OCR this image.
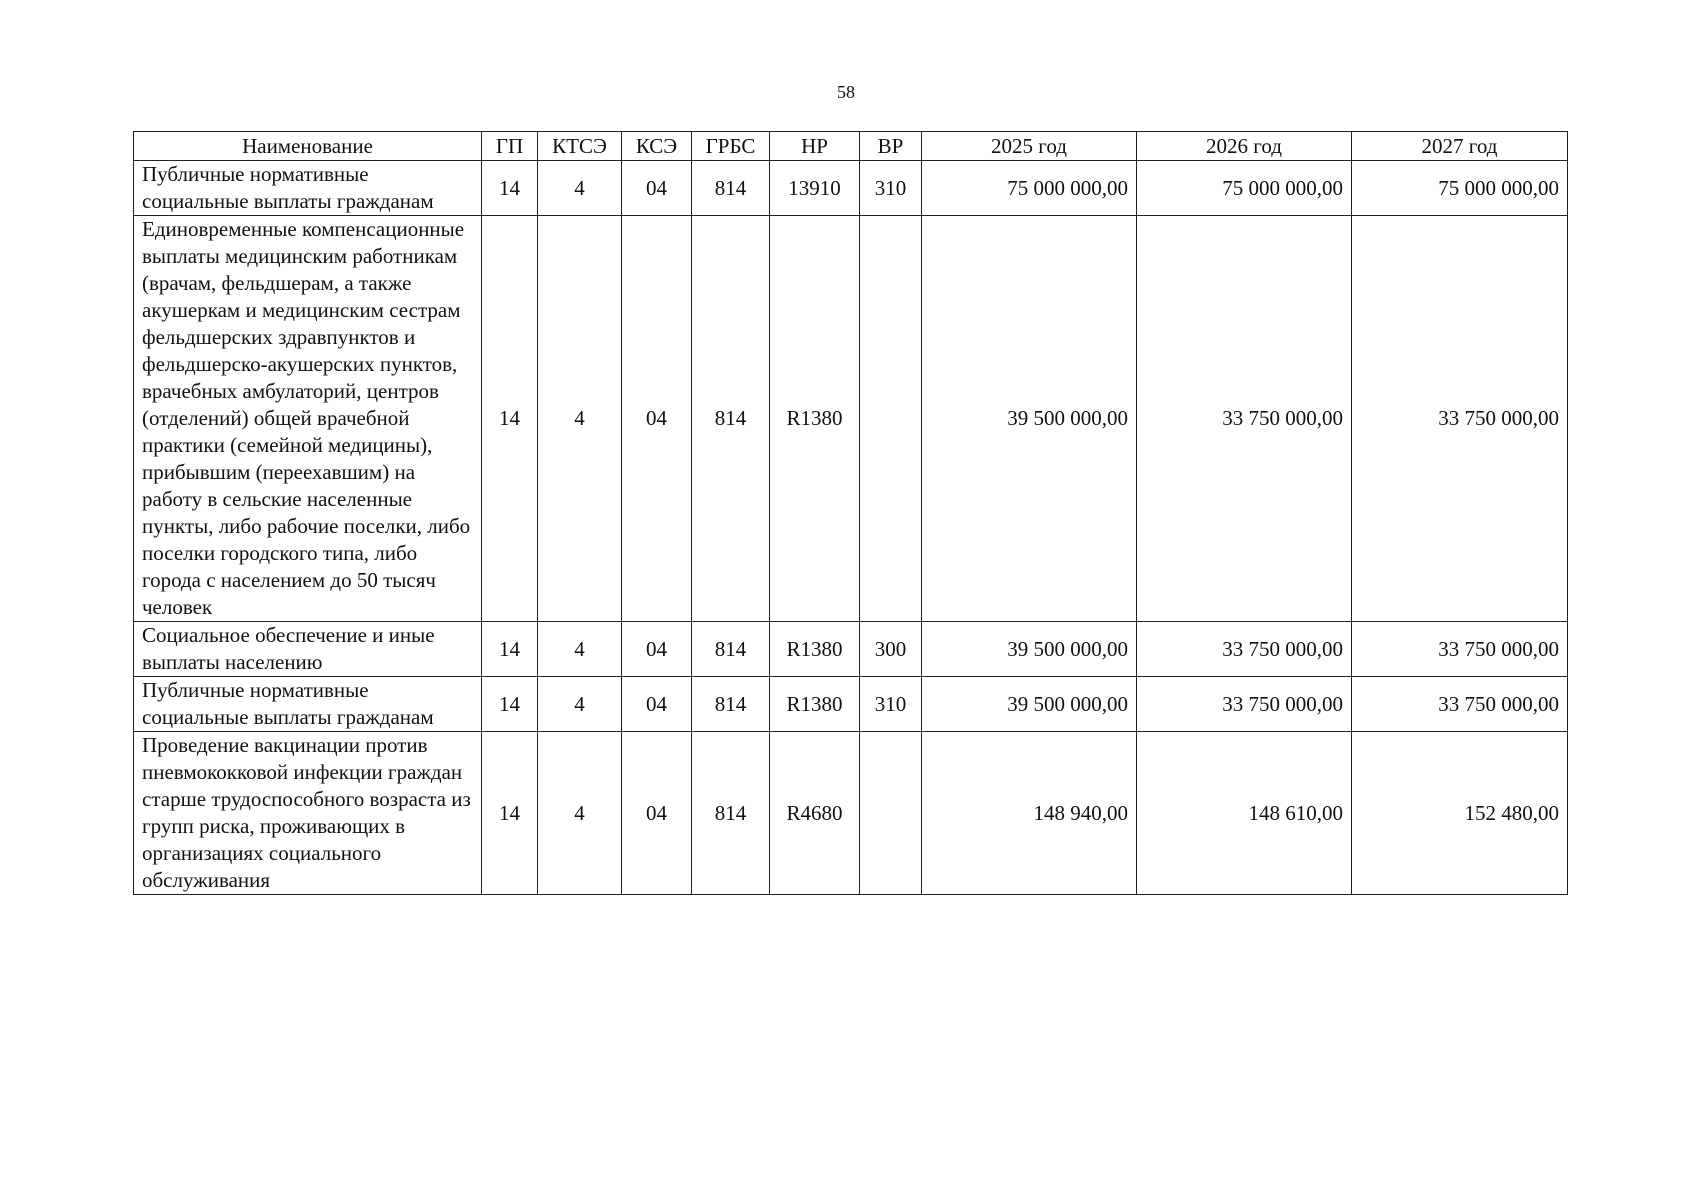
58
Наименование	ГП	КТСЭ	КСЭ	ГРБС	НР	ВР	2025 год	2026 год	2027 год
Публичные нормативные социальные выплаты гражданам	14	4	04	814	13910	310	75 000 000,00	75 000 000,00	75 000 000,00
Единовременные компенсационные выплаты медицинским работникам (врачам, фельдшерам, а также акушеркам и медицинским сестрам фельдшерских здравпунктов и фельдшерско-акушерских пунктов, врачебных амбулаторий, центров (отделений) общей врачебной практики (семейной медицины), прибывшим (переехавшим) на работу в сельские населенные пункты, либо рабочие поселки, либо поселки городского типа, либо города с населением до 50 тысяч человек	14	4	04	814	R1380		39 500 000,00	33 750 000,00	33 750 000,00
Социальное обеспечение и иные выплаты населению	14	4	04	814	R1380	300	39 500 000,00	33 750 000,00	33 750 000,00
Публичные нормативные социальные выплаты гражданам	14	4	04	814	R1380	310	39 500 000,00	33 750 000,00	33 750 000,00
Проведение вакцинации против пневмококковой инфекции граждан старше трудоспособного возраста из групп риска, проживающих в организациях социального обслуживания	14	4	04	814	R4680		148 940,00	148 610,00	152 480,00
